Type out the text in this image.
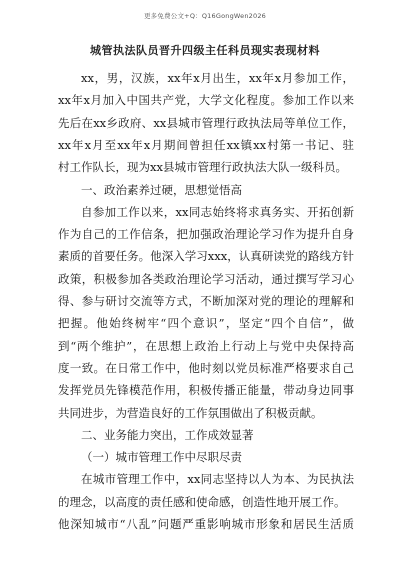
更多免费公文+Q：Q16GongWen2026
城管执法队员晋升四级主任科员现实表现材料
xx，男，汉族，xx年x月出生，xx年x月参加工作，
xx年x月加入中国共产党，大学文化程度。参加工作以来
先后在xx乡政府、xx县城市管理行政执法局等单位工作，
xx年x月至xx年x月期间曾担任xx镇xx村第一书记、驻
村工作队长，现为xx县城市管理行政执法大队一级科员。
一、政治素养过硬，思想觉悟高
自参加工作以来，xx同志始终将求真务实、开拓创新
作为自己的工作信条，把加强政治理论学习作为提升自身
素质的首要任务。他深入学习xxx，认真研读党的路线方针
政策，积极参加各类政治理论学习活动，通过撰写学习心
得、参与研讨交流等方式，不断加深对党的理论的理解和
把握。他始终树牢“四个意识”，坚定“四个自信”，做
到“两个维护”，在思想上政治上行动上与党中央保持高
度一致。在日常工作中，他时刻以党员标准严格要求自己
发挥党员先锋模范作用，积极传播正能量，带动身边同事
共同进步，为营造良好的工作氛围做出了积极贡献。
二、业务能力突出，工作成效显著
（一）城市管理工作中尽职尽责
在城市管理工作中，xx同志坚持以人为本、为民执法
的理念，以高度的责任感和使命感，创造性地开展工作。
他深知城市“八乱”问题严重影响城市形象和居民生活质
